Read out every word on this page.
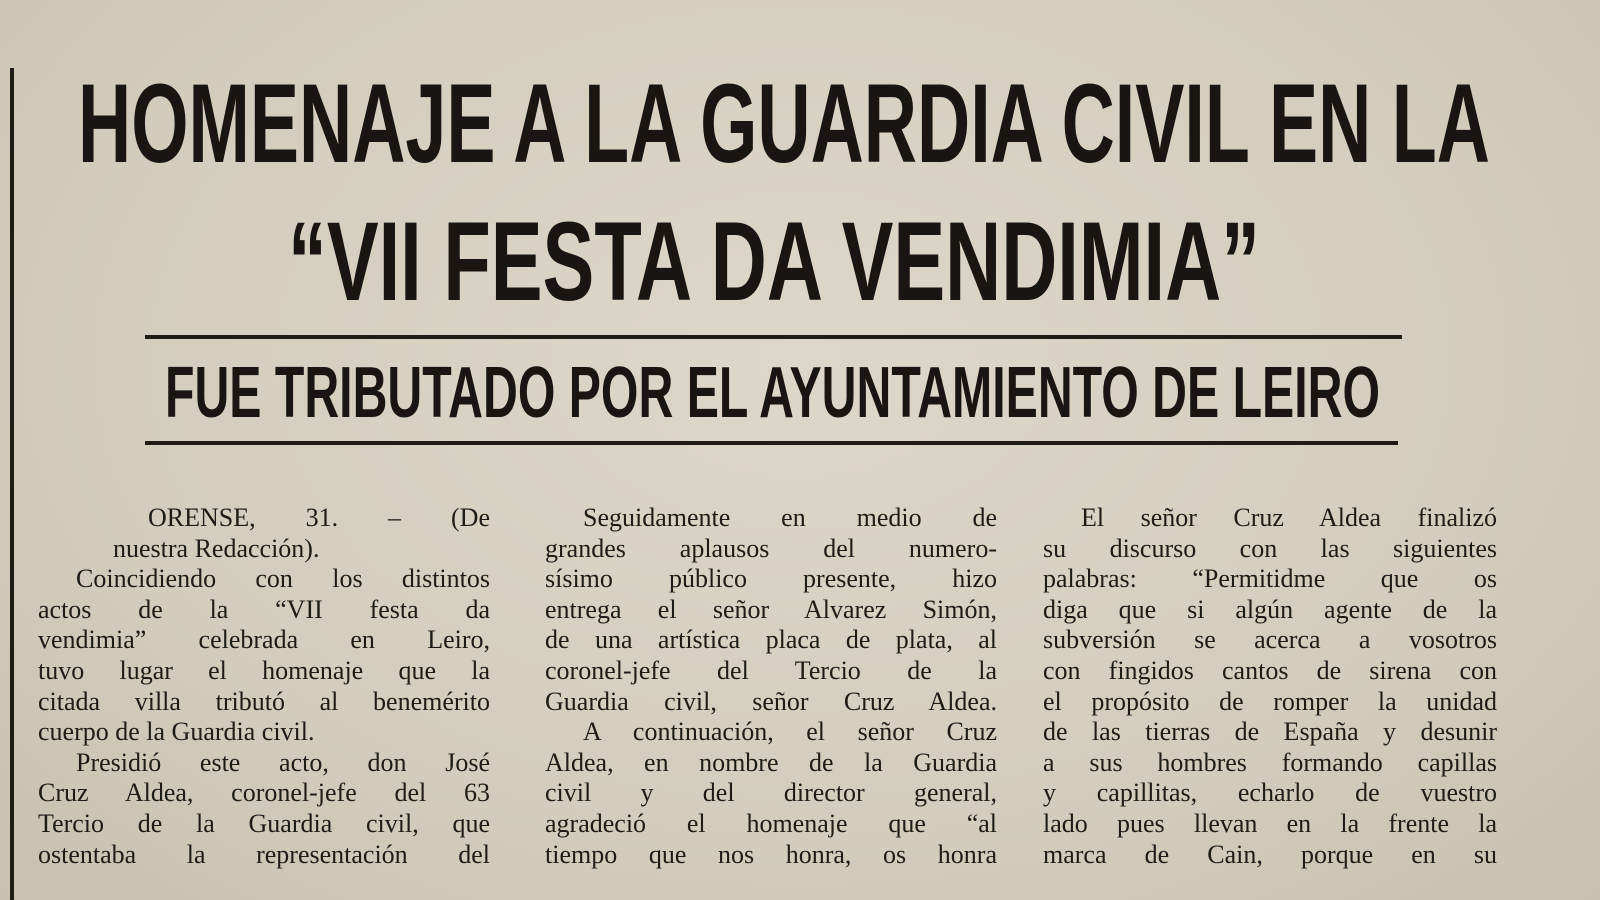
HOMENAJE A LA GUARDIA CIVIL EN LA
“VII FESTA DA VENDIMIA”
FUE TRIBUTADO POR EL AYUNTAMIENTO DE LEIRO
ORENSE, 31. – (De
nuestra Redacción).
Coincidiendo con los distintos
actos de la “VII festa da
vendimia” celebrada en Leiro,
tuvo lugar el homenaje que la
citada villa tributó al benemérito
cuerpo de la Guardia civil.
Presidió este acto, don José
Cruz Aldea, coronel-jefe del 63
Tercio de la Guardia civil, que
ostentaba la representación del
Seguidamente en medio de
grandes aplausos del numero-
sísimo público presente, hizo
entrega el señor Alvarez Simón,
de una artística placa de plata, al
coronel-jefe del Tercio de la
Guardia civil, señor Cruz Aldea.
A continuación, el señor Cruz
Aldea, en nombre de la Guardia
civil y del director general,
agradeció el homenaje que “al
tiempo que nos honra, os honra
El señor Cruz Aldea finalizó
su discurso con las siguientes
palabras: “Permitidme que os
diga que si algún agente de la
subversión se acerca a vosotros
con fingidos cantos de sirena con
el propósito de romper la unidad
de las tierras de España y desunir
a sus hombres formando capillas
y capillitas, echarlo de vuestro
lado pues llevan en la frente la
marca de Cain, porque en su
